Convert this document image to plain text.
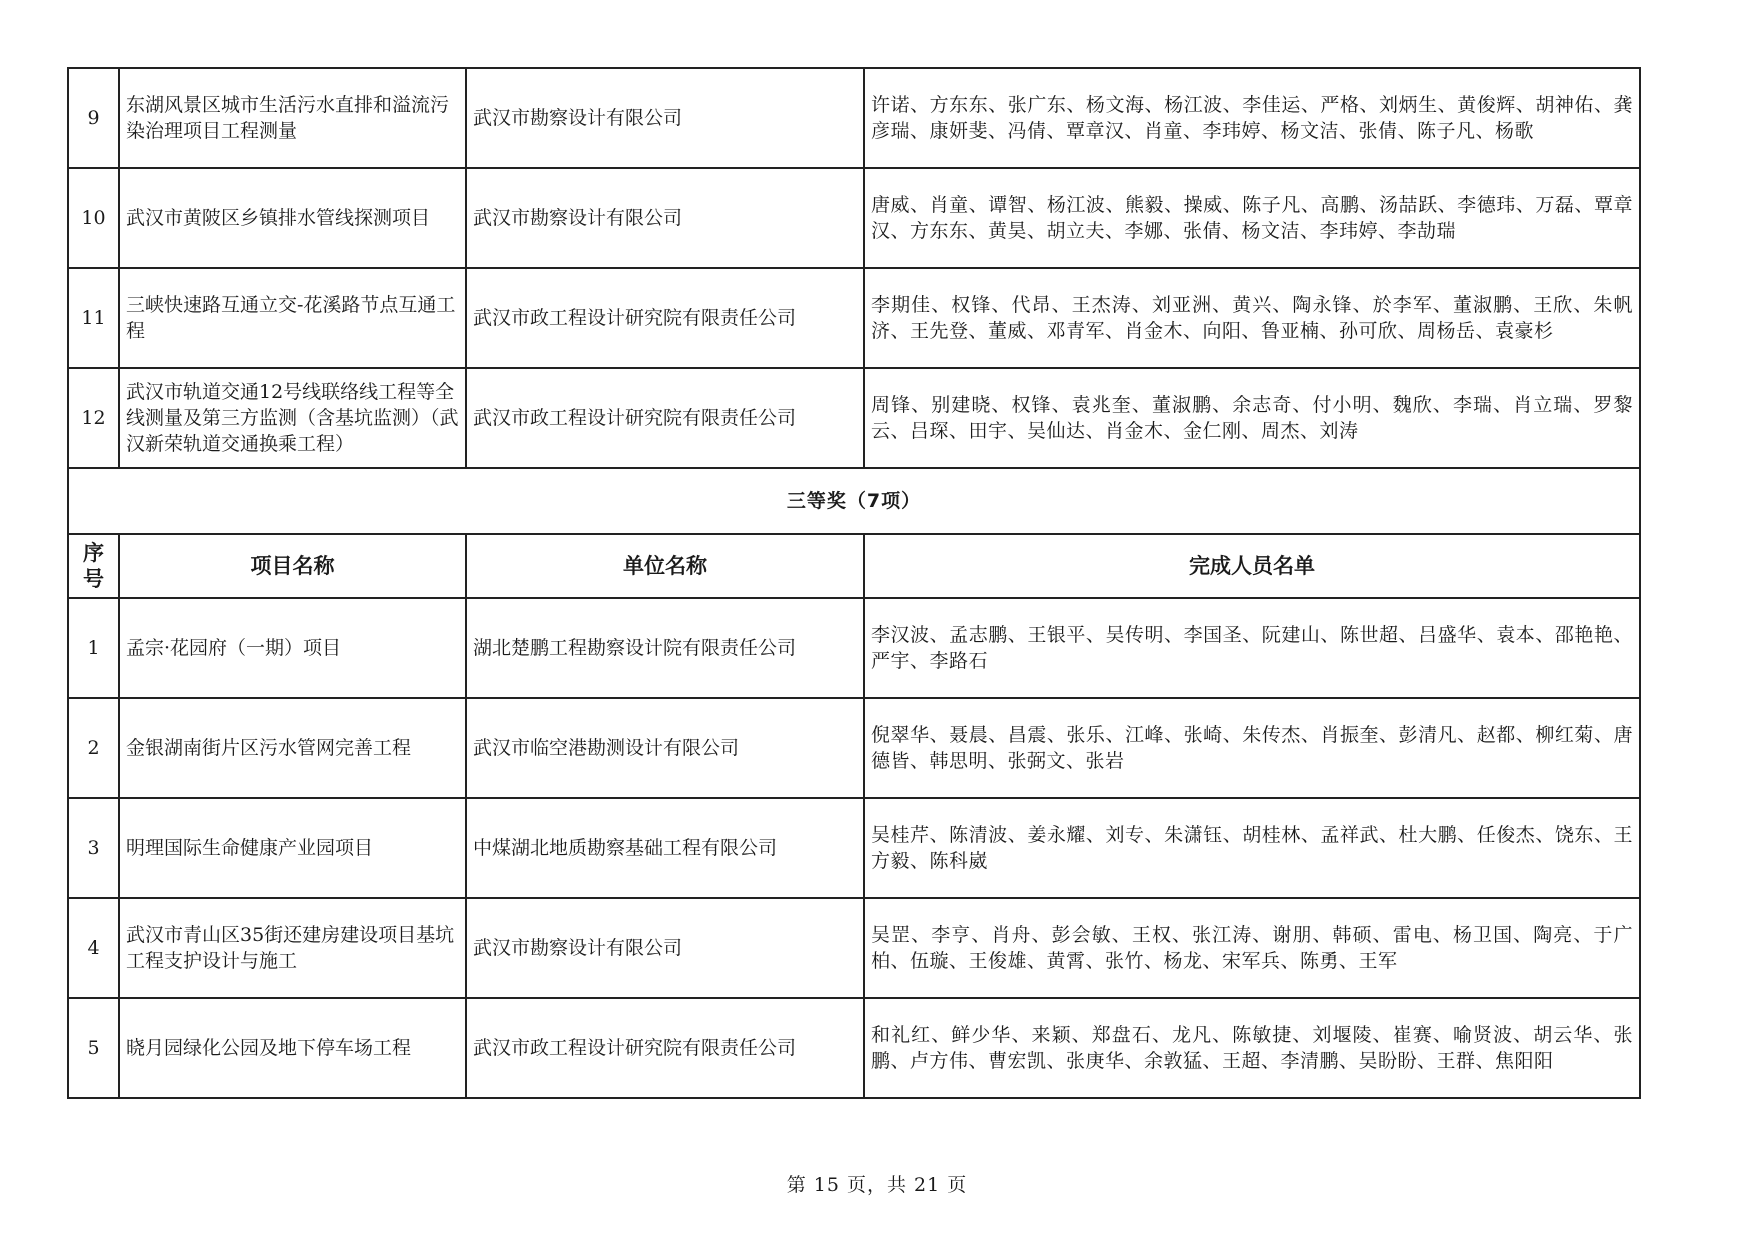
9	东湖风景区城市生活污水直排和溢流污染治理项目工程测量	武汉市勘察设计有限公司	许诺、方东东、张广东、杨文海、杨江波、李佳运、严格、刘炳生、黄俊辉、胡神佑、龚彦瑞、康妍斐、冯倩、覃章汉、肖童、李玮婷、杨文洁、张倩、陈子凡、杨歌
10	武汉市黄陂区乡镇排水管线探测项目	武汉市勘察设计有限公司	唐威、肖童、谭智、杨江波、熊毅、操威、陈子凡、高鹏、汤喆跃、李德玮、万磊、覃章汉、方东东、黄昊、胡立夫、李娜、张倩、杨文洁、李玮婷、李劼瑞
11	三峡快速路互通立交-花溪路节点互通工程	武汉市政工程设计研究院有限责任公司	李期佳、权锋、代昂、王杰涛、刘亚洲、黄兴、陶永锋、於李军、董淑鹏、王欣、朱帆济、王先登、董威、邓青军、肖金木、向阳、鲁亚楠、孙可欣、周杨岳、袁豪杉
12	武汉市轨道交通12号线联络线工程等全线测量及第三方监测（含基坑监测）（武汉新荣轨道交通换乘工程）	武汉市政工程设计研究院有限责任公司	周锋、别建晓、权锋、袁兆奎、董淑鹏、余志奇、付小明、魏欣、李瑞、肖立瑞、罗黎云、吕琛、田宇、吴仙达、肖金木、金仁刚、周杰、刘涛
三等奖（7项）			
序号	项目名称	单位名称	完成人员名单
1	孟宗·花园府（一期）项目	湖北楚鹏工程勘察设计院有限责任公司	李汉波、孟志鹏、王银平、吴传明、李国圣、阮建山、陈世超、吕盛华、袁本、邵艳艳、严宇、李路石
2	金银湖南街片区污水管网完善工程	武汉市临空港勘测设计有限公司	倪翠华、聂晨、昌震、张乐、江峰、张崎、朱传杰、肖振奎、彭清凡、赵都、柳红菊、唐德皆、韩思明、张弼文、张岩
3	明理国际生命健康产业园项目	中煤湖北地质勘察基础工程有限公司	吴桂芹、陈清波、姜永耀、刘专、朱潇钰、胡桂林、孟祥武、杜大鹏、任俊杰、饶东、王方毅、陈科崴
4	武汉市青山区35街还建房建设项目基坑工程支护设计与施工	武汉市勘察设计有限公司	吴罡、李亨、肖舟、彭会敏、王权、张江涛、谢朋、韩硕、雷电、杨卫国、陶亮、于广柏、伍璇、王俊雄、黄霄、张竹、杨龙、宋军兵、陈勇、王军
5	晓月园绿化公园及地下停车场工程	武汉市政工程设计研究院有限责任公司	和礼红、鲜少华、来颖、郑盘石、龙凡、陈敏捷、刘堰陵、崔赛、喻贤波、胡云华、张鹏、卢方伟、曹宏凯、张庚华、余敦猛、王超、李清鹏、吴盼盼、王群、焦阳阳
第 15 页，共 21 页
